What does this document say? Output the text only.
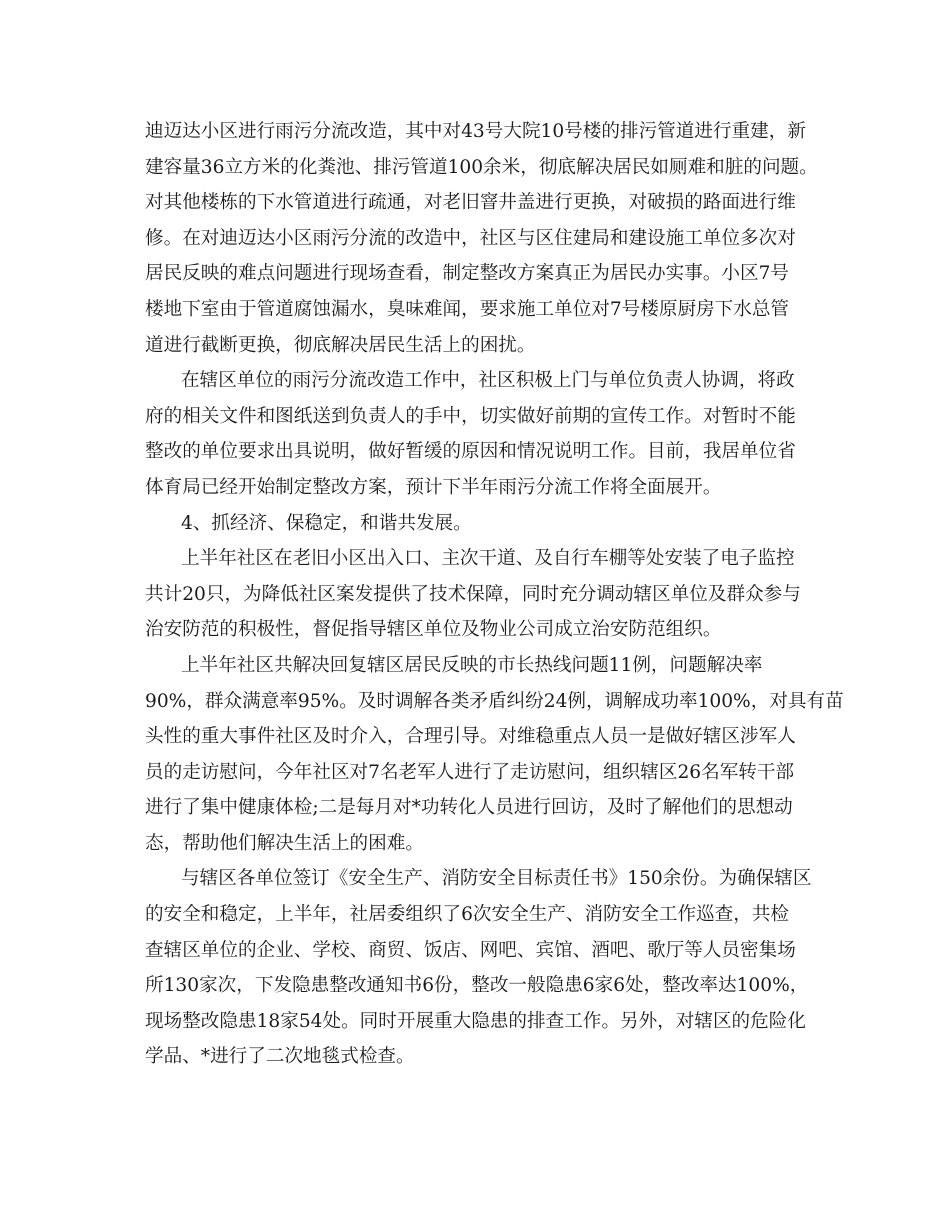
迪迈达小区进行雨污分流改造，其中对43号大院10号楼的排污管道进行重建，新
建容量36立方米的化粪池、排污管道100余米，彻底解决居民如厕难和脏的问题。
对其他楼栋的下水管道进行疏通，对老旧窨井盖进行更换，对破损的路面进行维
修。在对迪迈达小区雨污分流的改造中，社区与区住建局和建设施工单位多次对
居民反映的难点问题进行现场查看，制定整改方案真正为居民办实事。小区7号
楼地下室由于管道腐蚀漏水，臭味难闻，要求施工单位对7号楼原厨房下水总管
道进行截断更换，彻底解决居民生活上的困扰。
在辖区单位的雨污分流改造工作中，社区积极上门与单位负责人协调，将政
府的相关文件和图纸送到负责人的手中，切实做好前期的宣传工作。对暂时不能
整改的单位要求出具说明，做好暂缓的原因和情况说明工作。目前，我居单位省
体育局已经开始制定整改方案，预计下半年雨污分流工作将全面展开。
4、抓经济、保稳定，和谐共发展。
上半年社区在老旧小区出入口、主次干道、及自行车棚等处安装了电子监控
共计20只，为降低社区案发提供了技术保障，同时充分调动辖区单位及群众参与
治安防范的积极性，督促指导辖区单位及物业公司成立治安防范组织。
上半年社区共解决回复辖区居民反映的市长热线问题11例，问题解决率
90%，群众满意率95%。及时调解各类矛盾纠纷24例，调解成功率100%，对具有苗
头性的重大事件社区及时介入，合理引导。对维稳重点人员一是做好辖区涉军人
员的走访慰问，今年社区对7名老军人进行了走访慰问，组织辖区26名军转干部
进行了集中健康体检;二是每月对*功转化人员进行回访，及时了解他们的思想动
态，帮助他们解决生活上的困难。
与辖区各单位签订《安全生产、消防安全目标责任书》150余份。为确保辖区
的安全和稳定，上半年，社居委组织了6次安全生产、消防安全工作巡查，共检
查辖区单位的企业、学校、商贸、饭店、网吧、宾馆、酒吧、歌厅等人员密集场
所130家次，下发隐患整改通知书6份，整改一般隐患6家6处，整改率达100%，
现场整改隐患18家54处。同时开展重大隐患的排查工作。另外，对辖区的危险化
学品、*进行了二次地毯式检查。
